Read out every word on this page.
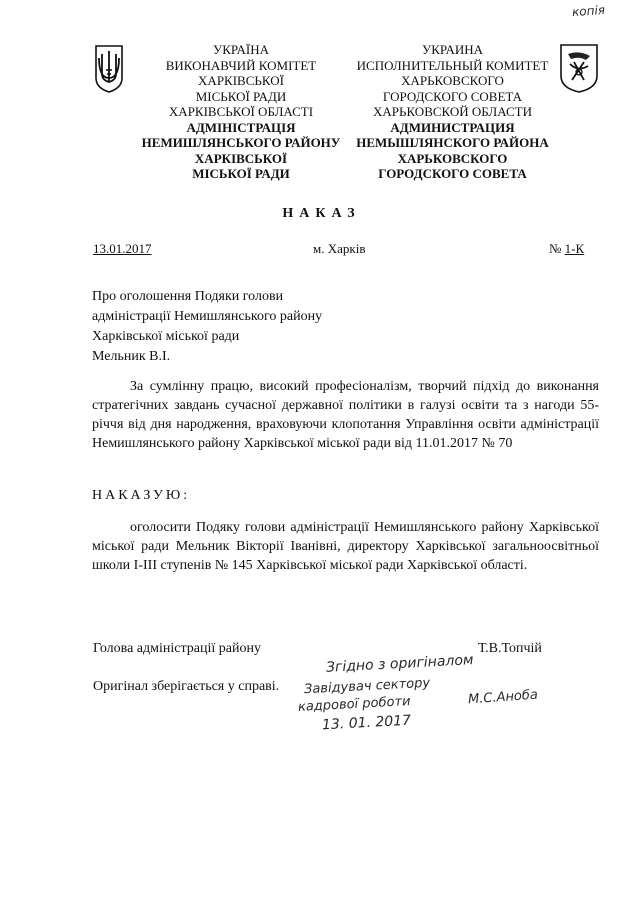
копія
УКРАЇНА
ВИКОНАВЧИЙ КОМІТЕТ
ХАРКІВСЬКОЇ
МІСЬКОЇ РАДИ
ХАРКІВСЬКОЇ ОБЛАСТІ
АДМІНІСТРАЦІЯ
НЕМИШЛЯНСЬКОГО РАЙОНУ
ХАРКІВСЬКОЇ
МІСЬКОЇ РАДИ
УКРАИНА
ИСПОЛНИТЕЛЬНЫЙ КОМИТЕТ
ХАРЬКОВСКОГО
ГОРОДСКОГО СОВЕТА
ХАРЬКОВСКОЙ ОБЛАСТИ
АДМИНИСТРАЦИЯ
НЕМЫШЛЯНСКОГО РАЙОНА
ХАРЬКОВСКОГО
ГОРОДСКОГО СОВЕТА
НАКАЗ
13.01.2017	м. Харків	№ 1-К
Про оголошення Подяки голови
адміністрації Немишлянського району
Харківської міської ради
Мельник В.І.
За сумлінну працю, високий професіоналізм, творчий підхід до виконання стратегічних завдань сучасної державної політики в галузі освіти та з нагоди 55-річчя від дня народження, враховуючи клопотання Управління освіти адміністрації Немишлянського району Харківської міської ради від 11.01.2017 № 70
НАКАЗУЮ:
оголосити Подяку голови адміністрації Немишлянського району Харківської міської ради Мельник Вікторії Іванівні, директору Харківської загальноосвітньої школи І-ІІІ ступенів № 145 Харківської міської ради Харківської області.
Голова адміністрації району	Т.В.Топчій
Оригінал зберігається у справі.
Згідно з оригіналом
Завідувач сектору
кадрової роботи	М.С.Аноба
13. 01. 2017
